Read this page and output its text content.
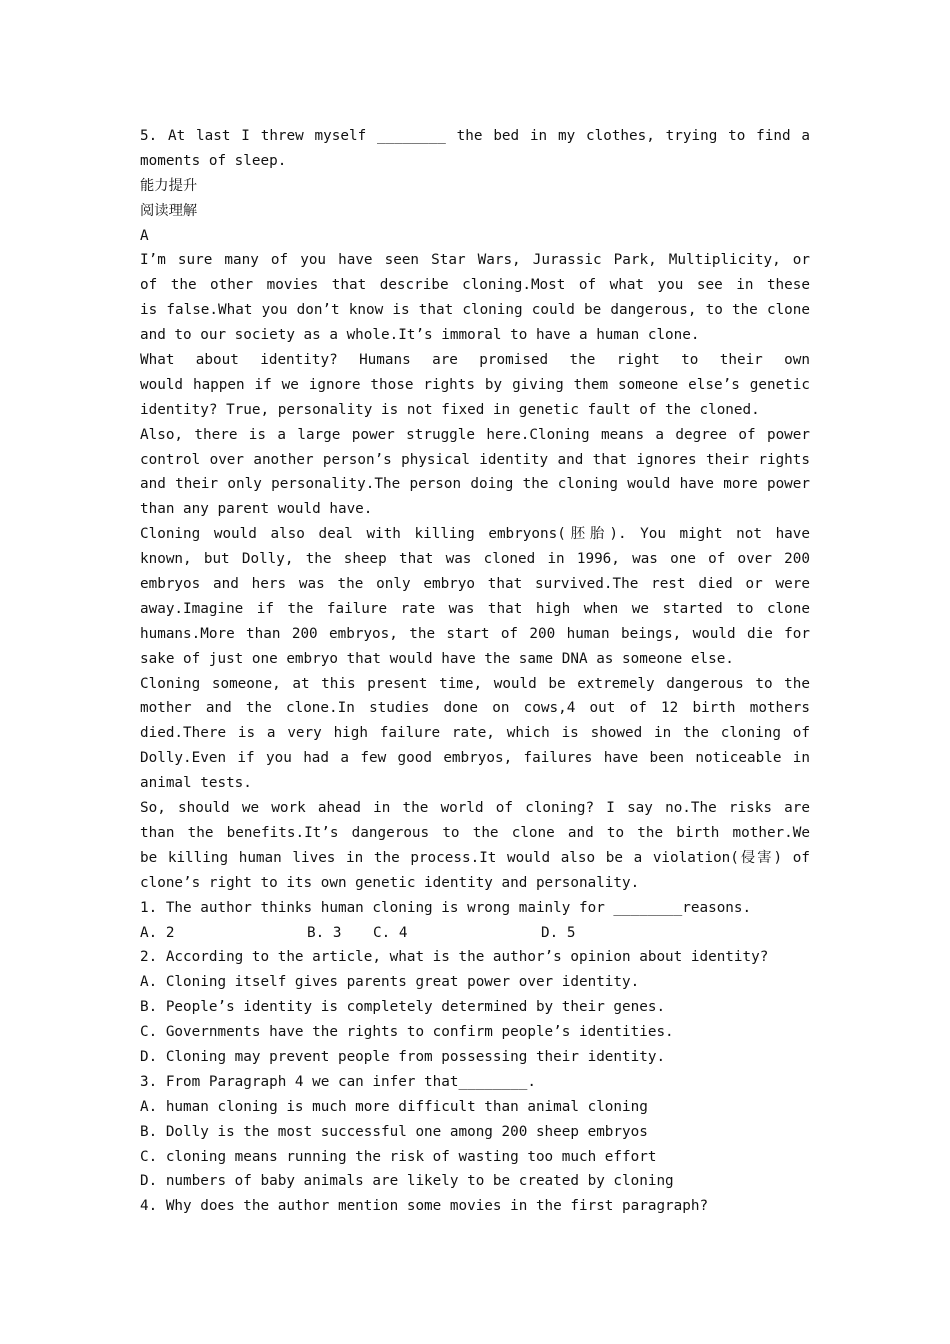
5. At last I threw myself ________ the bed in my clothes, trying to find a
moments of sleep.
能力提升
阅读理解
A
I’m sure many of you have seen Star Wars, Jurassic Park, Multiplicity, or
of the other movies that describe cloning.Most of what you see in these
is false.What you don’t know is that cloning could be dangerous, to the clone
and to our society as a whole.It’s immoral to have a human clone.
What about identity? Humans are promised the right to their own
would happen if we ignore those rights by giving them someone else’s genetic
identity? True, personality is not fixed in genetic fault of the cloned.
Also, there is a large power struggle here.Cloning means a degree of power
control over another person’s physical identity and that ignores their rights
and their only personality.The person doing the cloning would have more power
than any parent would have.
Cloning would also deal with killing embryons(胚胎). You might not have
known, but Dolly, the sheep that was cloned in 1996, was one of over 200
embryos and hers was the only embryo that survived.The rest died or were
away.Imagine if the failure rate was that high when we started to clone
humans.More than 200 embryos, the start of 200 human beings, would die for
sake of just one embryo that would have the same DNA as someone else.
Cloning someone, at this present time, would be extremely dangerous to the
mother and the clone.In studies done on cows,4 out of 12 birth mothers
died.There is a very high failure rate, which is showed in the cloning of
Dolly.Even if you had a few good embryos, failures have been noticeable in
animal tests.
So, should we work ahead in the world of cloning? I say no.The risks are
than the benefits.It’s dangerous to the clone and to the birth mother.We
be killing human lives in the process.It would also be a violation(侵害) of
clone’s right to its own genetic identity and personality.
1. The author thinks human cloning is wrong mainly for ________reasons.
A. 2	B. 3	C. 4	D. 5
2. According to the article, what is the author’s opinion about identity?
A. Cloning itself gives parents great power over identity.
B. People’s identity is completely determined by their genes.
C. Governments have the rights to confirm people’s identities.
D. Cloning may prevent people from possessing their identity.
3. From Paragraph 4 we can infer that________.
A. human cloning is much more difficult than animal cloning
B. Dolly is the most successful one among 200 sheep embryos
C. cloning means running the risk of wasting too much effort
D. numbers of baby animals are likely to be created by cloning
4. Why does the author mention some movies in the first paragraph?
